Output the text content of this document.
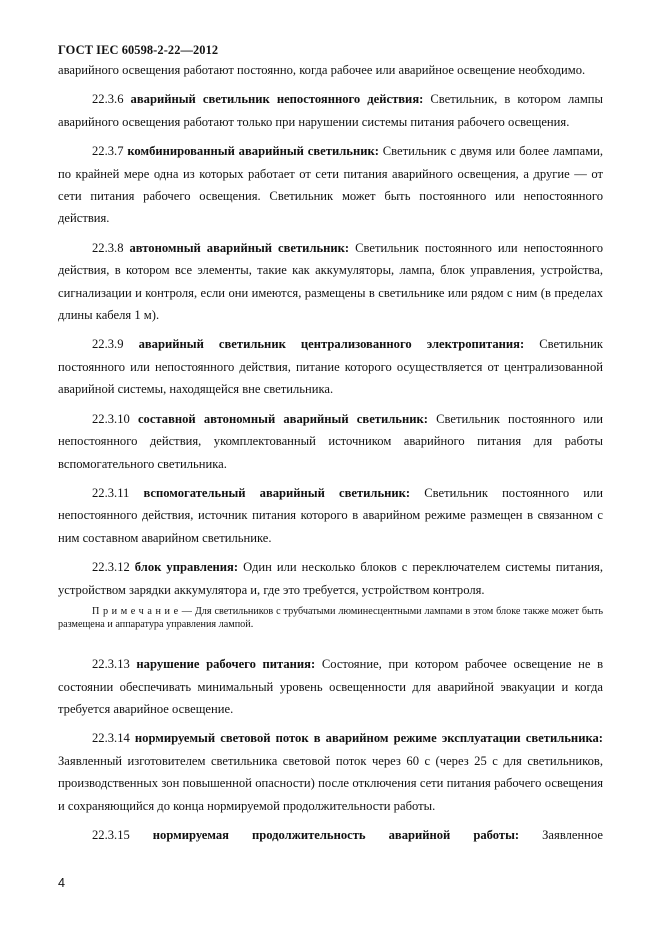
ГОСТ IEC 60598-2-22—2012

аварийного освещения работают постоянно, когда рабочее или аварийное освещение необходимо.

22.3.6 аварийный светильник непостоянного действия: Светильник, в котором лампы аварийного освещения работают только при нарушении системы питания рабочего освещения.

22.3.7 комбинированный аварийный светильник: Светильник с двумя или более лампами, по крайней мере одна из которых работает от сети питания аварийного освещения, а другие — от сети питания рабочего освещения. Светильник может быть постоянного или непостоянного действия.

22.3.8 автономный аварийный светильник: Светильник постоянного или непостоянного действия, в котором все элементы, такие как аккумуляторы, лампа, блок управления, устройства, сигнализации и контроля, если они имеются, размещены в светильнике или рядом с ним (в пределах длины кабеля 1 м).

22.3.9 аварийный светильник централизованного электропитания: Светильник постоянного или непостоянного действия, питание которого осуществляется от централизованной аварийной системы, находящейся вне светильника.

22.3.10 составной автономный аварийный светильник: Светильник постоянного или непостоянного действия, укомплектованный источником аварийного питания для работы вспомогательного светильника.

22.3.11 вспомогательный аварийный светильник: Светильник постоянного или непостоянного действия, источник питания которого в аварийном режиме размещен в связанном с ним составном аварийном светильнике.

22.3.12 блок управления: Один или несколько блоков с переключателем системы питания, устройством зарядки аккумулятора и, где это требуется, устройством контроля.

Примечание— Для светильников с трубчатыми люминесцентными лампами в этом блоке также может быть размещена и аппаратура управления лампой.

22.3.13 нарушение рабочего питания: Состояние, при котором рабочее освещение не в состоянии обеспечивать минимальный уровень освещенности для аварийной эвакуации и когда требуется аварийное освещение.

22.3.14 нормируемый световой поток в аварийном режиме эксплуатации светильника: Заявленный изготовителем светильника световой поток через 60 с (через 25 с для светильников, производственных зон повышенной опасности) после отключения сети питания рабочего освещения и сохраняющийся до конца нормируемой продолжительности работы.

22.3.15 нормируемая продолжительность аварийной работы: Заявленное

4
